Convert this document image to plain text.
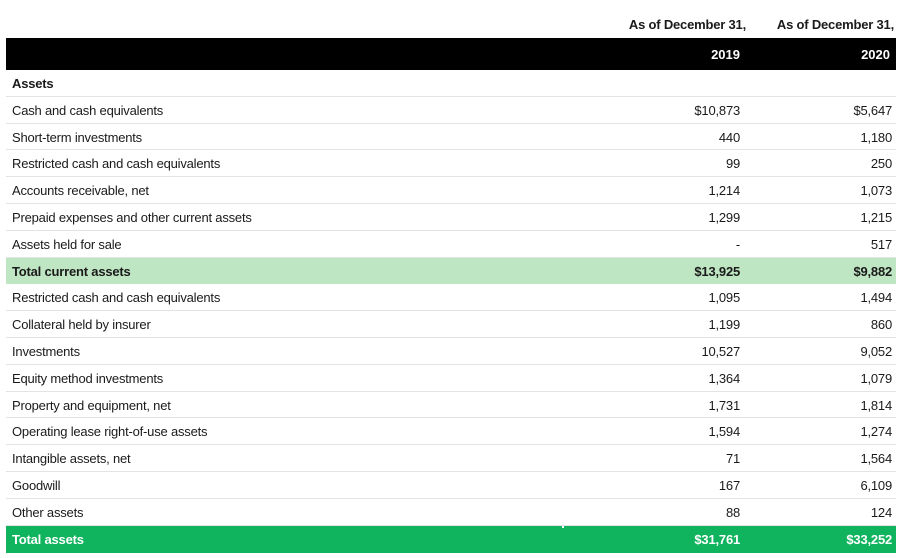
As of December 31, As of December 31,
2019	2020
Assets
Cash and cash equivalents	$10,873	$5,647
Short-term investments	440	1,180
Restricted cash and cash equivalents	99	250
Accounts receivable, net	1,214	1,073
Prepaid expenses and other current assets	1,299	1,215
Assets held for sale	-	517
Total current assets	$13,925	$9,882
Restricted cash and cash equivalents	1,095	1,494
Collateral held by insurer	1,199	860
Investments	10,527	9,052
Equity method investments	1,364	1,079
Property and equipment, net	1,731	1,814
Operating lease right-of-use assets	1,594	1,274
Intangible assets, net	71	1,564
Goodwill	167	6,109
Other assets	88	124
Total assets	$31,761	$33,252
